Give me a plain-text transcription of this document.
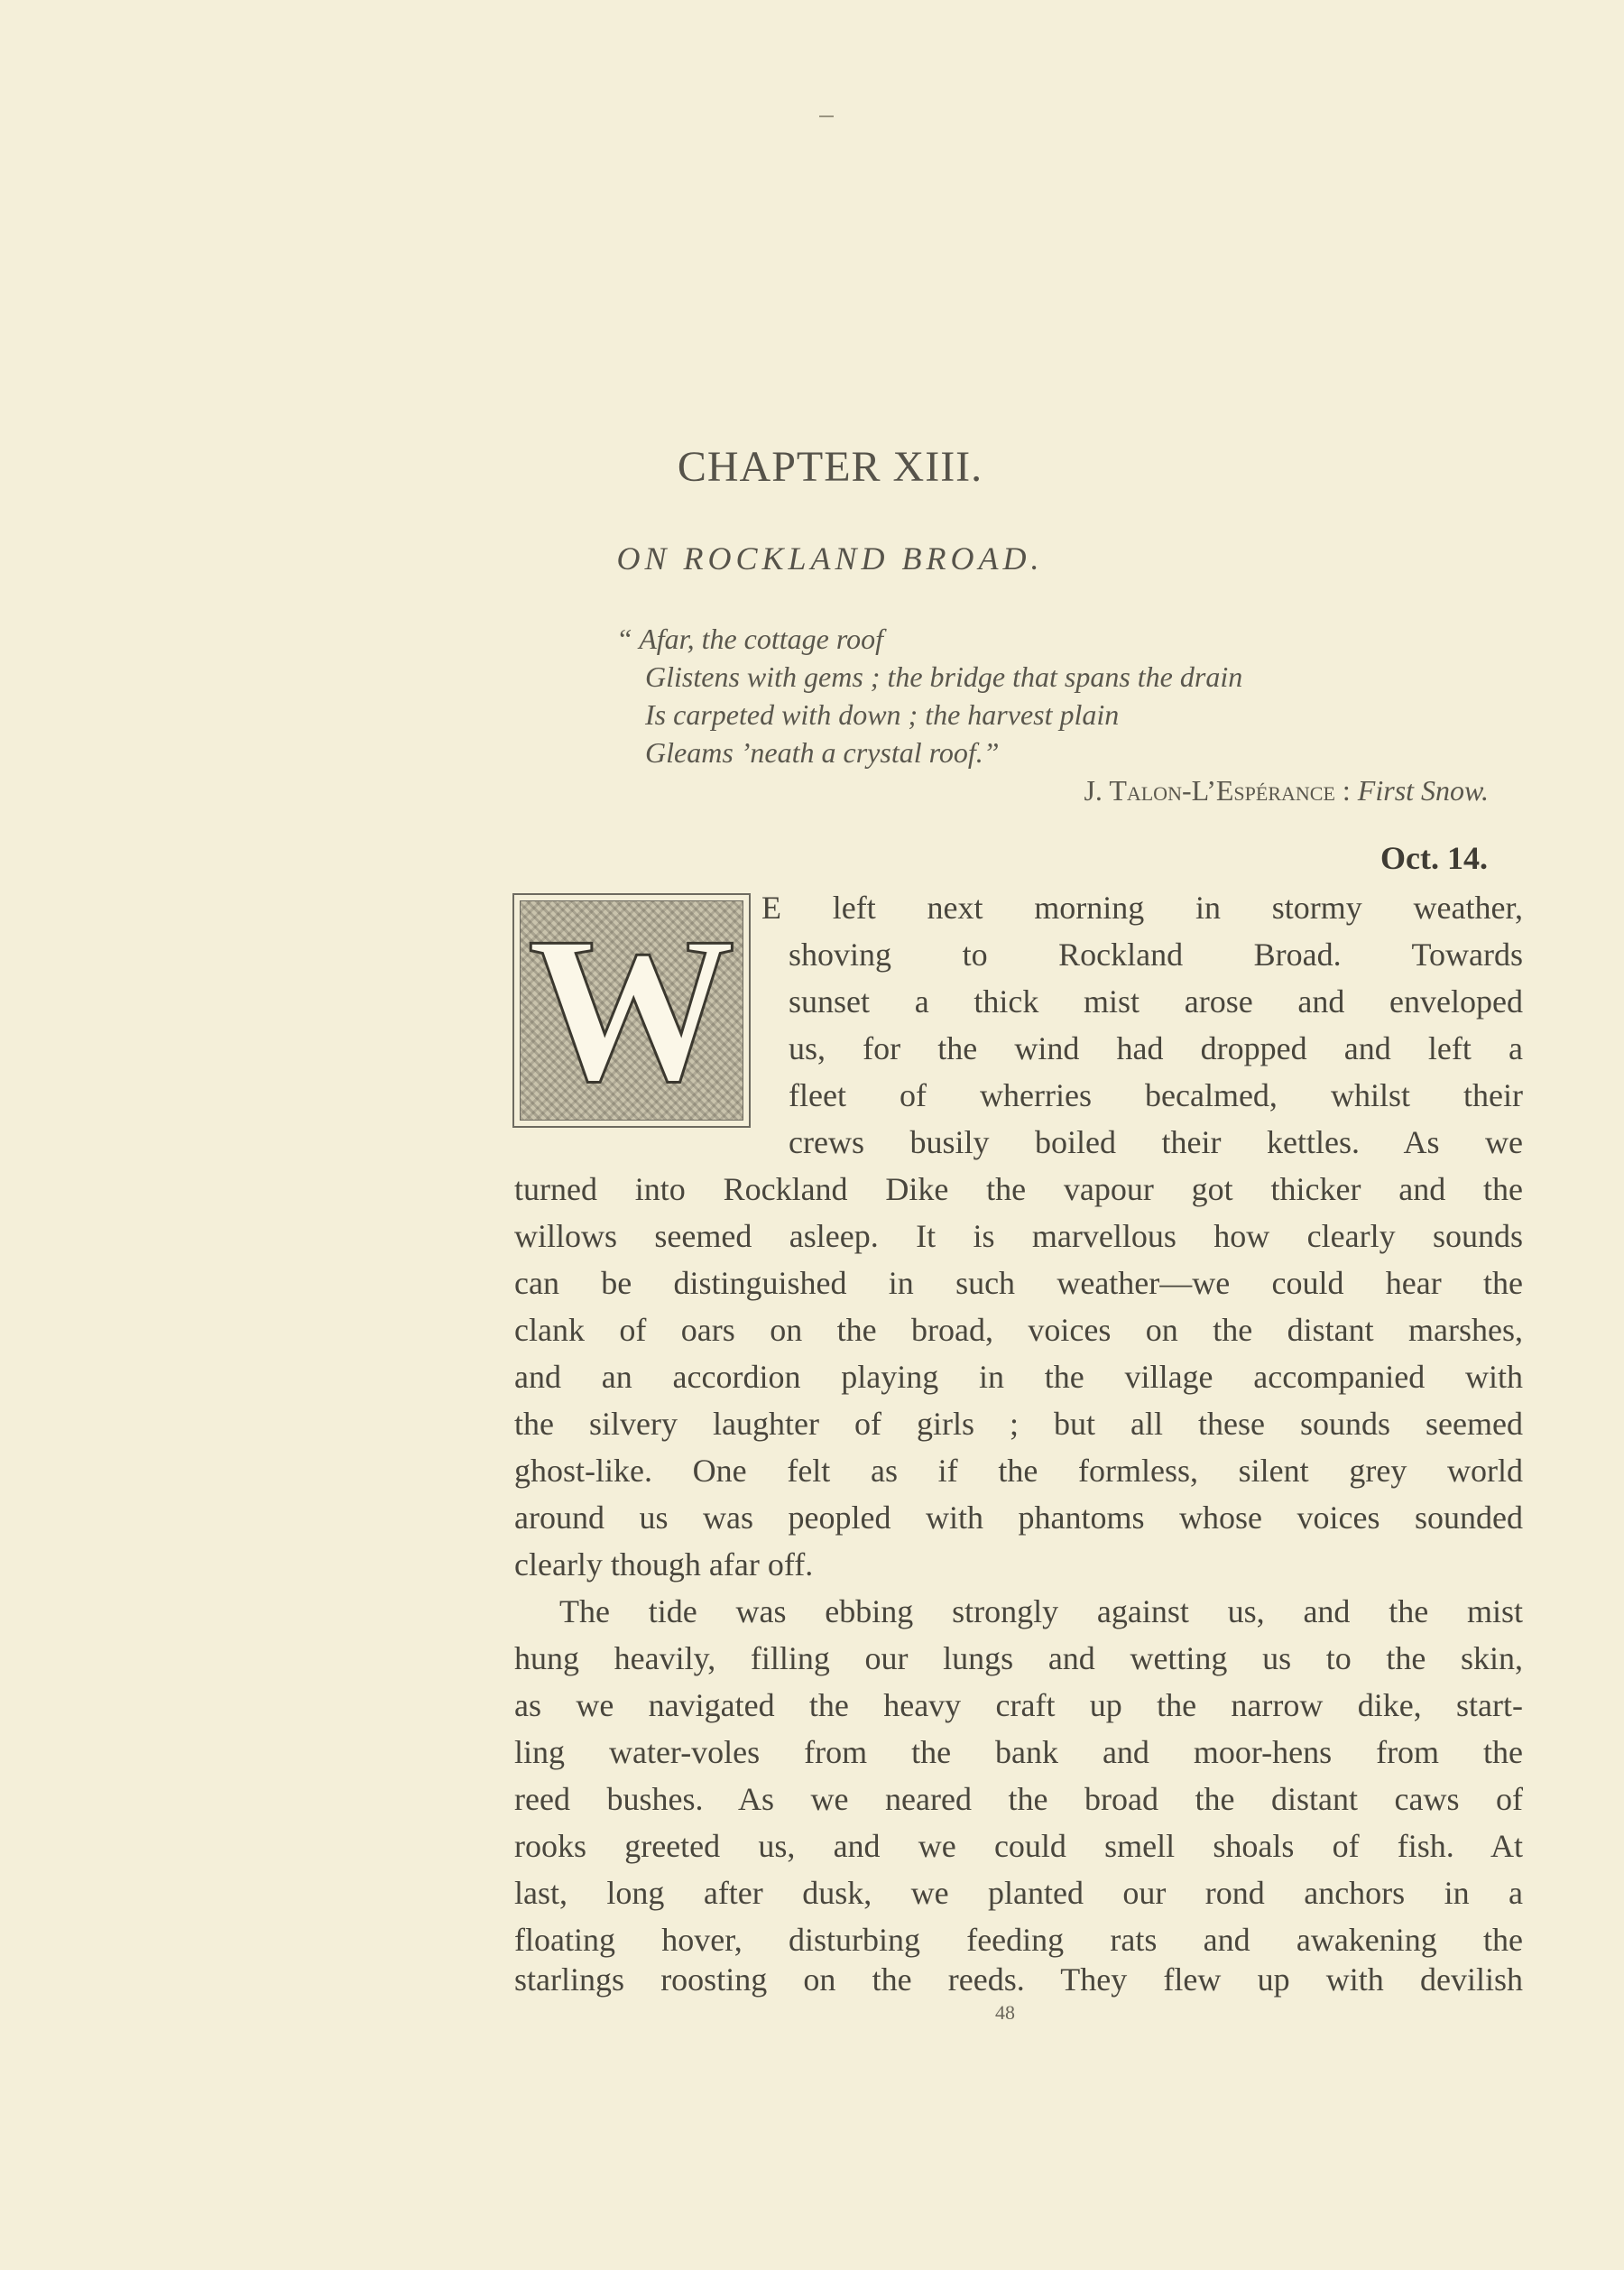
CHAPTER XIII.
ON ROCKLAND BROAD.
“ Afar, the cottage roof
Glistens with gems ; the bridge that spans the drain
Is carpeted with down ; the harvest plain
Gleams ’neath a crystal roof.”
J. Talon-L’Espérance : First Snow.
Oct. 14.
W E left next morning in stormy weather,
shoving to Rockland Broad. Towards
sunset a thick mist arose and enveloped
us, for the wind had dropped and left a
fleet of wherries becalmed, whilst their
crews busily boiled their kettles. As we
turned into Rockland Dike the vapour got thicker and the
willows seemed asleep. It is marvellous how clearly sounds
can be distinguished in such weather—we could hear the
clank of oars on the broad, voices on the distant marshes,
and an accordion playing in the village accompanied with
the silvery laughter of girls ; but all these sounds seemed
ghost-like. One felt as if the formless, silent grey world
around us was peopled with phantoms whose voices sounded
clearly though afar off.
The tide was ebbing strongly against us, and the mist
hung heavily, filling our lungs and wetting us to the skin,
as we navigated the heavy craft up the narrow dike, start-
ling water-voles from the bank and moor-hens from the
reed bushes. As we neared the broad the distant caws of
rooks greeted us, and we could smell shoals of fish. At
last, long after dusk, we planted our rond anchors in a
floating hover, disturbing feeding rats and awakening the
starlings roosting on the reeds. They flew up with devilish
48
